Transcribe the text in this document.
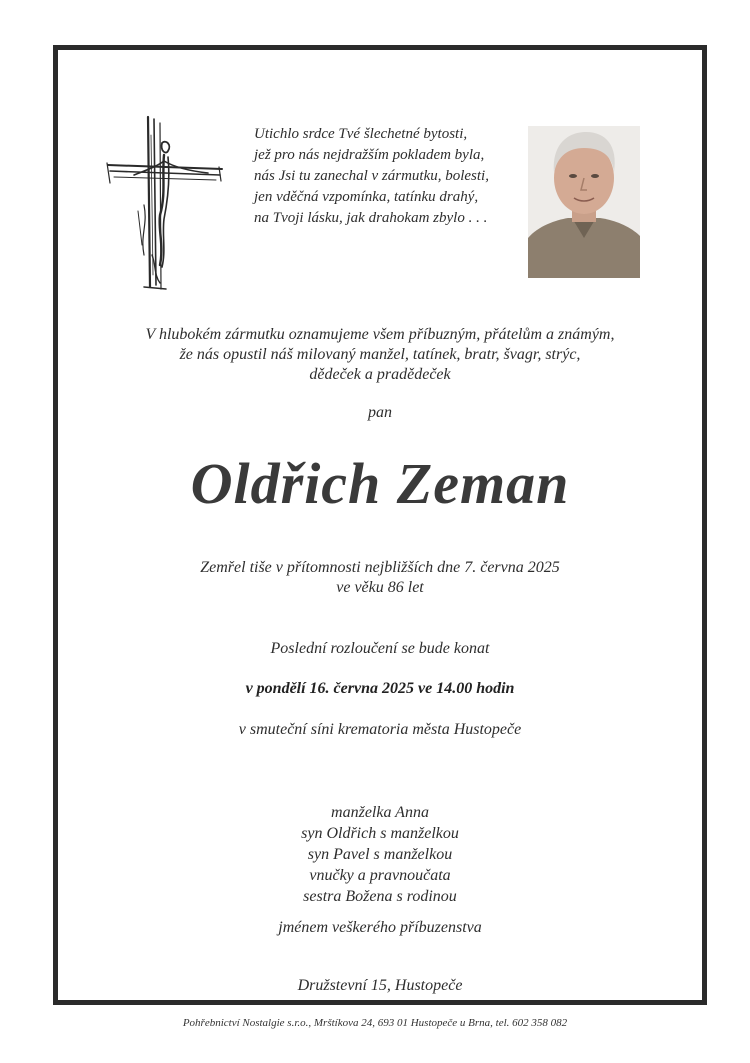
Utichlo srdce Tvé šlechetné bytosti,
jež pro nás nejdražším pokladem byla,
nás Jsi tu zanechal v zármutku, bolesti,
jen vděčná vzpomínka, tatínku drahý,
na Tvoji lásku, jak drahokam zbylo . . .
V hlubokém zármutku oznamujeme všem příbuzným, přátelům a známým,
že nás opustil náš milovaný manžel, tatínek, bratr, švagr, strýc,
dědeček a pradědeček
pan
Oldřich Zeman
Zemřel tiše v přítomnosti nejbližších dne 7. června 2025
ve věku 86 let
Poslední rozloučení se bude konat
v pondělí 16. června 2025 ve 14.00 hodin
v smuteční síni krematoria města Hustopeče
manželka Anna
syn Oldřich s manželkou
syn Pavel s manželkou
vnučky a pravnoučata
sestra Božena s rodinou
jménem veškerého příbuzenstva
Družstevní 15, Hustopeče
Pohřebnictví Nostalgie s.r.o., Mrštíkova 24, 693 01 Hustopeče u Brna, tel. 602 358 082
